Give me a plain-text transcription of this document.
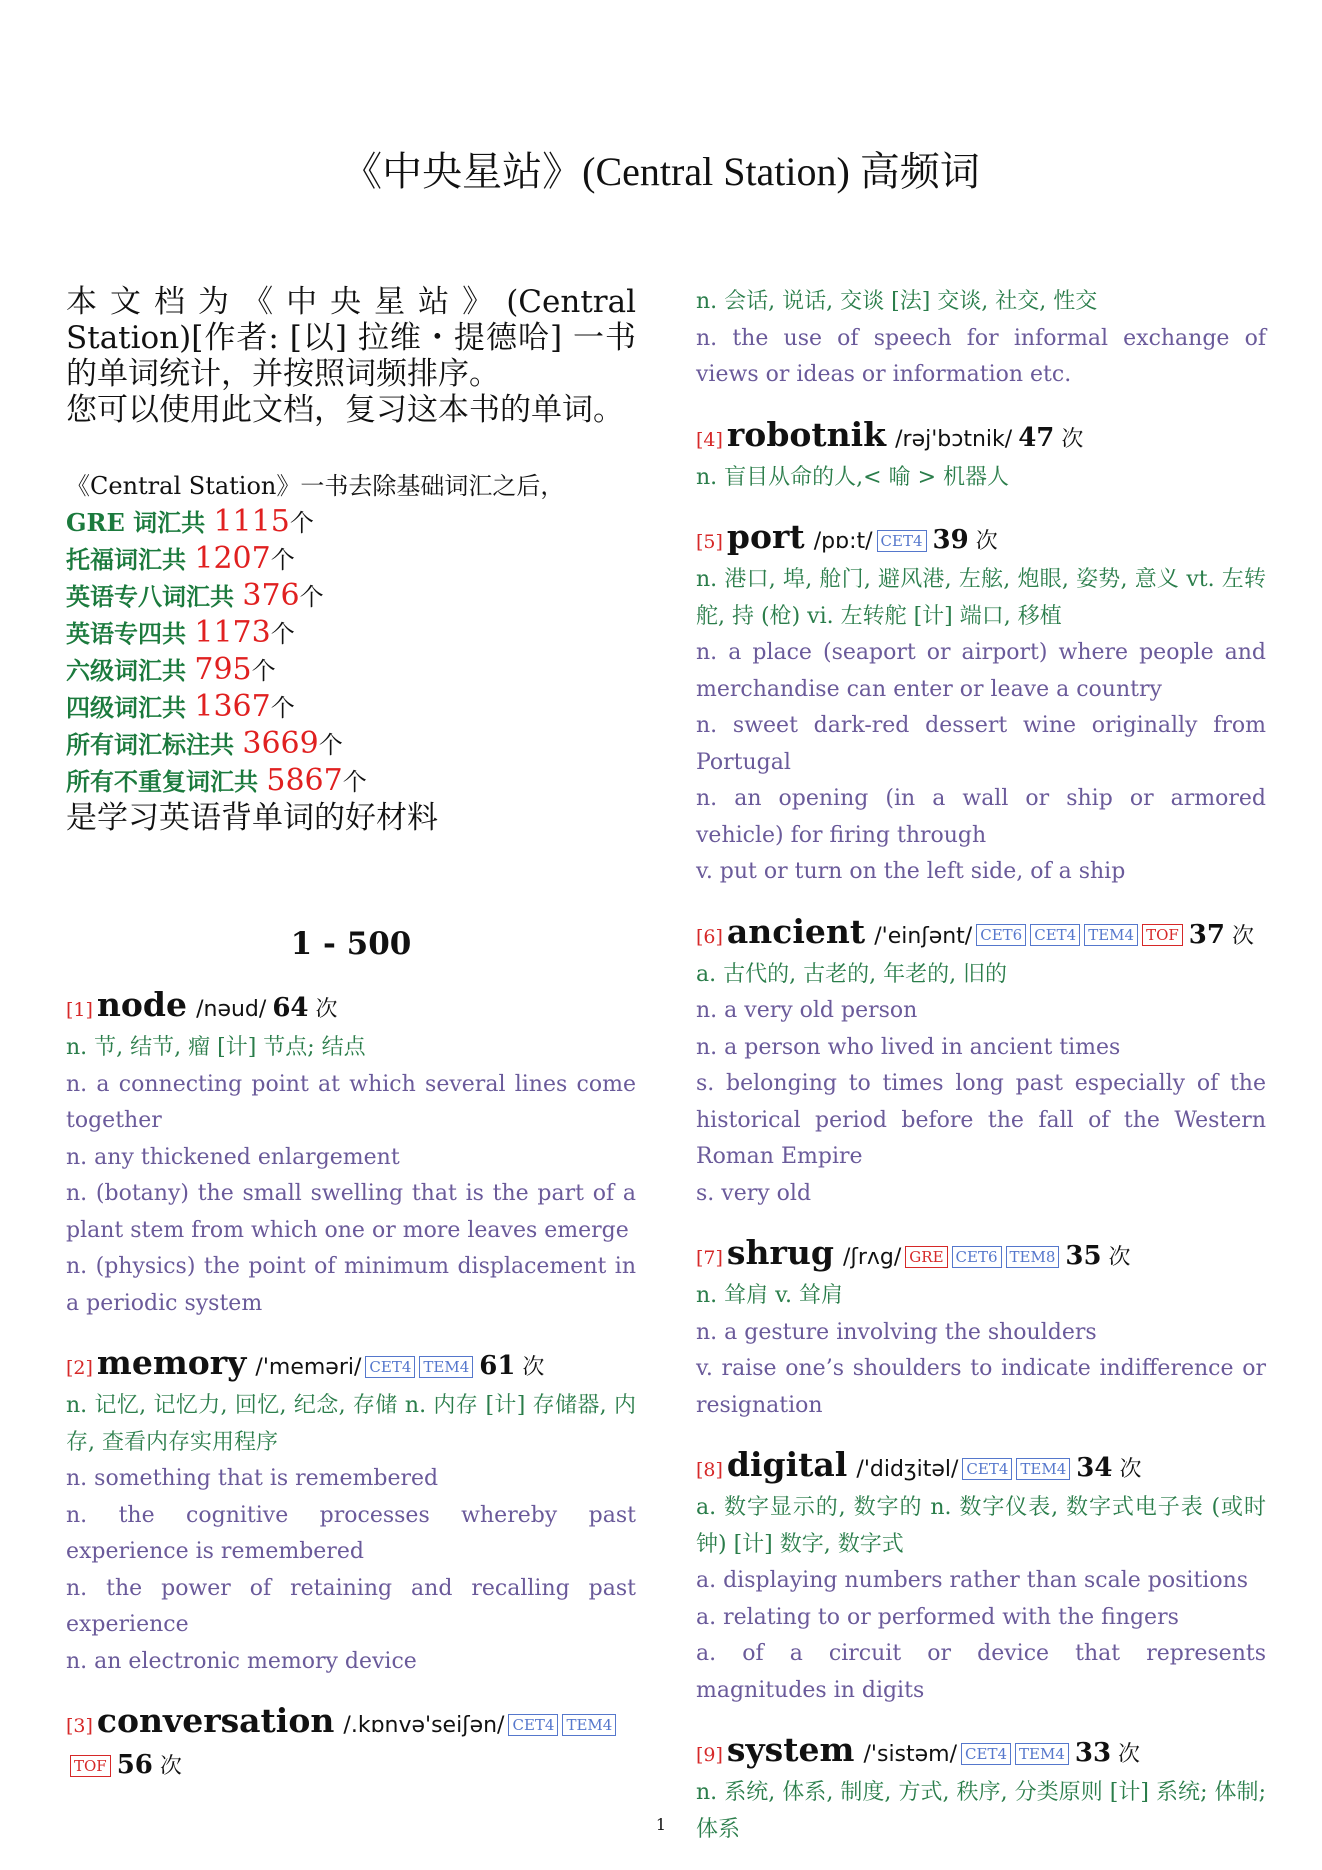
《中央星站》(Central Station) 高频词

本文档为《中央星站》(Central Station)[作者: [以] 拉维・提德哈] 一书的单词统计，并按照词频排序。

您可以使用此文档，复习这本书的单词。

《Central Station》一书去除基础词汇之后，
GRE 词汇共 1115个
托福词汇共 1207个
英语专八词汇共 376个
英语专四共 1173个
六级词汇共 795个
四级词汇共 1367个
所有词汇标注共 3669个
所有不重复词汇共 5867个
是学习英语背单词的好材料
1 - 500
[1] node /nəud/ 64 次

n. 节, 结节, 瘤 [计] 节点; 结点

n. a connecting point at which several lines come together

n. any thickened enlargement

n. (botany) the small swelling that is the part of a plant stem from which one or more leaves emerge

n. (physics) the point of minimum displacement in a periodic system

[2] memory /'meməri/ CET4 TEM4 61 次

n. 记忆, 记忆力, 回忆, 纪念, 存储 n. 内存 [计] 存储器, 内存, 查看内存实用程序

n. something that is remembered

n. the cognitive processes whereby past experience is remembered

n. the power of retaining and recalling past experience

n. an electronic memory device

[3] conversation /.kɒnvə'seiʃən/ CET4 TEM4TOF 56 次

n. 会话, 说话, 交谈 [法] 交谈, 社交, 性交

n. the use of speech for informal exchange of views or ideas or information etc.

[4] robotnik /rəj'bɔtnik/ 47 次

n. 盲目从命的人,< 喻 > 机器人

[5] port /pɒ:t/ CET4 39 次

n. 港口, 埠, 舱门, 避风港, 左舷, 炮眼, 姿势, 意义 vt. 左转舵, 持 (枪) vi. 左转舵 [计] 端口, 移植

n. a place (seaport or airport) where people and merchandise can enter or leave a country

n. sweet dark-red dessert wine originally from Portugal

n. an opening (in a wall or ship or armored vehicle) for firing through

v. put or turn on the left side, of a ship

[6] ancient /'einʃənt/ CET6 CET4 TEM4 TOF 37 次

a. 古代的, 古老的, 年老的, 旧的

n. a very old person

n. a person who lived in ancient times

s. belonging to times long past especially of the historical period before the fall of the Western Roman Empire

s. very old

[7] shrug /ʃrʌg/ GRE CET6 TEM8 35 次

n. 耸肩 v. 耸肩

n. a gesture involving the shoulders

v. raise one’s shoulders to indicate indifference or resignation

[8] digital /'didʒitəl/ CET4 TEM4 34 次

a. 数字显示的, 数字的 n. 数字仪表, 数字式电子表 (或时钟) [计] 数字, 数字式

a. displaying numbers rather than scale positions

a. relating to or performed with the fingers

a. of a circuit or device that represents magnitudes in digits

[9] system /'sistəm/ CET4 TEM4 33 次

n. 系统, 体系, 制度, 方式, 秩序, 分类原则 [计] 系统; 体制; 体系

1
